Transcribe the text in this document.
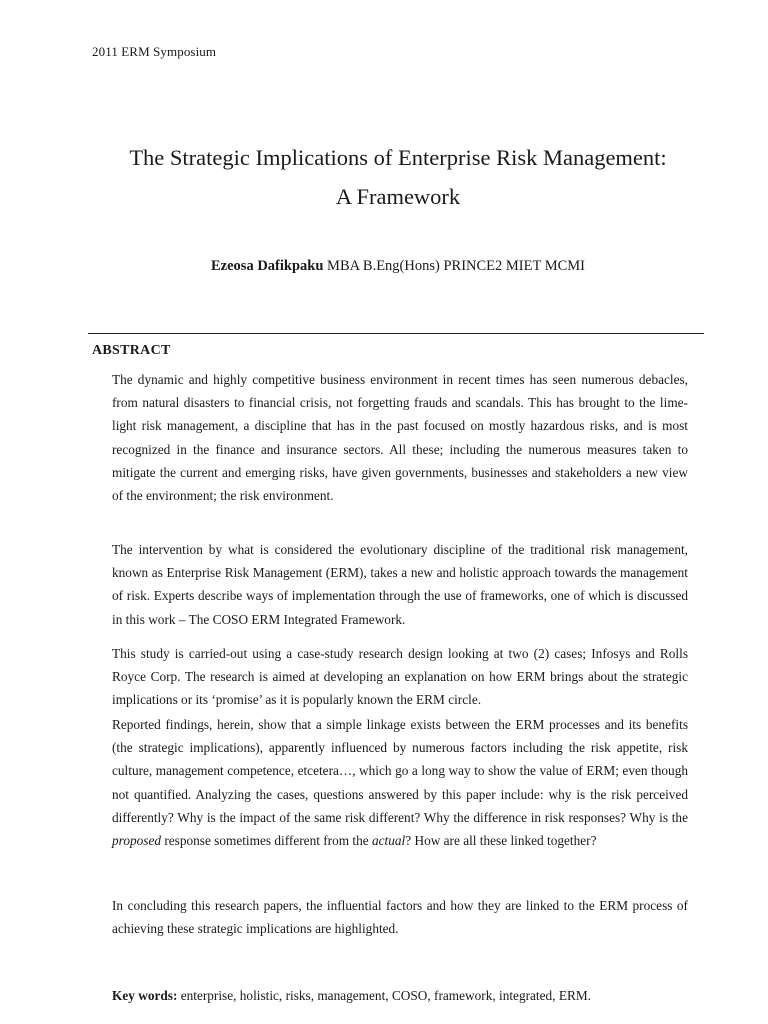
2011 ERM Symposium
The Strategic Implications of Enterprise Risk Management:
A Framework
Ezeosa Dafikpaku MBA B.Eng(Hons) PRINCE2 MIET MCMI
ABSTRACT

The dynamic and highly competitive business environment in recent times has seen numerous debacles, from natural disasters to financial crisis, not forgetting frauds and scandals. This has brought to the lime-light risk management, a discipline that has in the past focused on mostly hazardous risks, and is most recognized in the finance and insurance sectors. All these; including the numerous measures taken to mitigate the current and emerging risks, have given governments, businesses and stakeholders a new view of the environment; the risk environment.

The intervention by what is considered the evolutionary discipline of the traditional risk management, known as Enterprise Risk Management (ERM), takes a new and holistic approach towards the management of risk. Experts describe ways of implementation through the use of frameworks, one of which is discussed in this work – The COSO ERM Integrated Framework.

This study is carried-out using a case-study research design looking at two (2) cases; Infosys and Rolls Royce Corp. The research is aimed at developing an explanation on how ERM brings about the strategic implications or its ‘promise’ as it is popularly known the ERM circle.

Reported findings, herein, show that a simple linkage exists between the ERM processes and its benefits (the strategic implications), apparently influenced by numerous factors including the risk appetite, risk culture, management competence, etcetera…, which go a long way to show the value of ERM; even though not quantified. Analyzing the cases, questions answered by this paper include: why is the risk perceived differently? Why is the impact of the same risk different? Why the difference in risk responses? Why is the proposed response sometimes different from the actual? How are all these linked together?

In concluding this research papers, the influential factors and how they are linked to the ERM process of achieving these strategic implications are highlighted.

Key words: enterprise, holistic, risks, management, COSO, framework, integrated, ERM.
